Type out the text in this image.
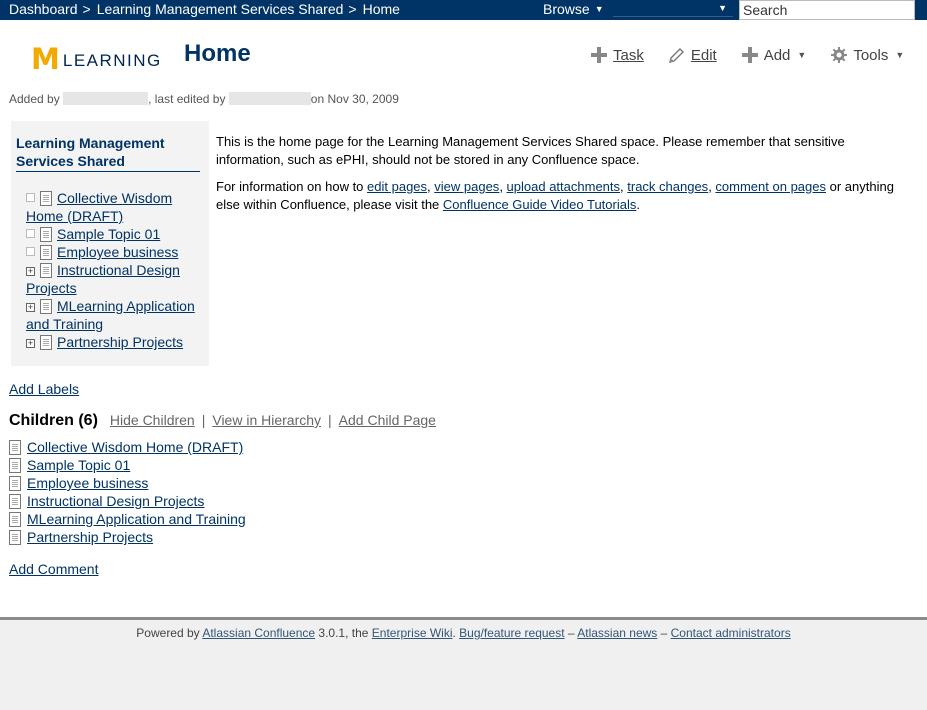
Dashboard > Learning Management Services Shared > Home	Browse ▼	▼
Search
M LEARNING Home	Task	Edit	Add ▼	Tools ▼
Added by	, last edited by	on Nov 30, 2009
Learning Management Services Shared
Collective Wisdom Home (DRAFT)
Sample Topic 01
Employee business
+ Instructional Design Projects
+ MLearning Application and Training
+ Partnership Projects

This is the home page for the Learning Management Services Shared space. Please remember that sensitive information, such as ePHI, should not be stored in any Confluence space.

For information on how to edit pages, view pages, upload attachments, track changes, comment on pages or anything else within Confluence, please visit the Confluence Guide Video Tutorials.

Add Labels
Children (6) Hide Children | View in Hierarchy | Add Child Page
Collective Wisdom Home (DRAFT)
Sample Topic 01
Employee business
Instructional Design Projects
MLearning Application and Training
Partnership Projects
Add Comment
Powered by Atlassian Confluence 3.0.1, the Enterprise Wiki. Bug/feature request – Atlassian news – Contact administrators
